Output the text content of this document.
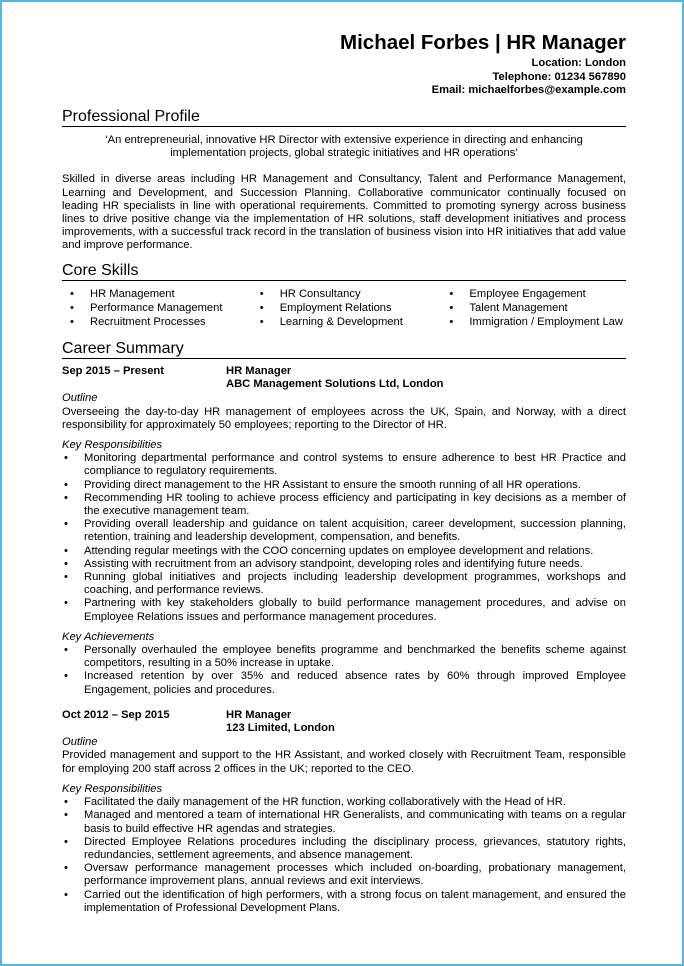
Michael Forbes | HR Manager
Location: London
Telephone: 01234 567890
Email: michaelforbes@example.com
Professional Profile
‘An entrepreneurial, innovative HR Director with extensive experience in directing and enhancing
implementation projects, global strategic initiatives and HR operations’

Skilled in diverse areas including HR Management and Consultancy, Talent and Performance Management, Learning and Development, and Succession Planning. Collaborative communicator continually focused on leading HR specialists in line with operational requirements. Committed to promoting synergy across business lines to drive positive change via the implementation of HR solutions, staff development initiatives and process improvements, with a successful track record in the translation of business vision into HR initiatives that add value and improve performance.

Core Skills
• HR Management
• Performance Management
• Recruitment Processes
• HR Consultancy
• Employment Relations
• Learning & Development
• Employee Engagement
• Talent Management
• Immigration / Employment Law
Career Summary
Sep 2015 – Present	HR Manager
ABC Management Solutions Ltd, London
Outline

Overseeing the day-to-day HR management of employees across the UK, Spain, and Norway, with a direct responsibility for approximately 50 employees; reporting to the Director of HR.

Key Responsibilities
• Monitoring departmental performance and control systems to ensure adherence to best HR Practice and compliance to regulatory requirements.
• Providing direct management to the HR Assistant to ensure the smooth running of all HR operations.
• Recommending HR tooling to achieve process efficiency and participating in key decisions as a member of the executive management team.
• Providing overall leadership and guidance on talent acquisition, career development, succession planning, retention, training and leadership development, compensation, and benefits.
• Attending regular meetings with the COO concerning updates on employee development and relations.
• Assisting with recruitment from an advisory standpoint, developing roles and identifying future needs.
• Running global initiatives and projects including leadership development programmes, workshops and coaching, and performance reviews.
• Partnering with key stakeholders globally to build performance management procedures, and advise on Employee Relations issues and performance management procedures.
Key Achievements
• Personally overhauled the employee benefits programme and benchmarked the benefits scheme against competitors, resulting in a 50% increase in uptake.
• Increased retention by over 35% and reduced absence rates by 60% through improved Employee Engagement, policies and procedures.
Oct 2012 – Sep 2015	HR Manager
123 Limited, London
Outline

Provided management and support to the HR Assistant, and worked closely with Recruitment Team, responsible for employing 200 staff across 2 offices in the UK; reported to the CEO.

Key Responsibilities
• Facilitated the daily management of the HR function, working collaboratively with the Head of HR.
• Managed and mentored a team of international HR Generalists, and communicating with teams on a regular basis to build effective HR agendas and strategies.
• Directed Employee Relations procedures including the disciplinary process, grievances, statutory rights, redundancies, settlement agreements, and absence management.
• Oversaw performance management processes which included on-boarding, probationary management, performance improvement plans, annual reviews and exit interviews.
• Carried out the identification of high performers, with a strong focus on talent management, and ensured the implementation of Professional Development Plans.
